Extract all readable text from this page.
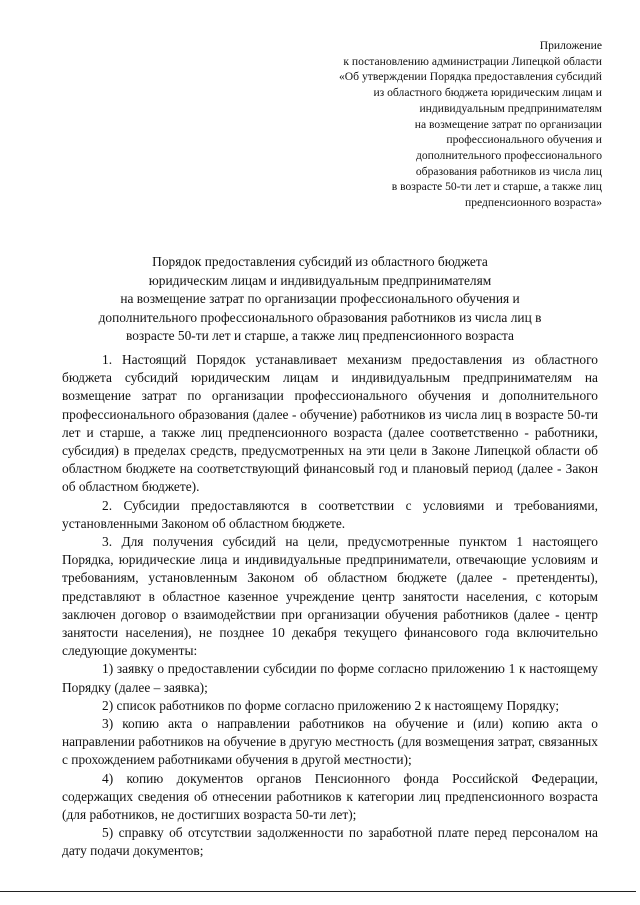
Приложение
к постановлению администрации Липецкой области
«Об утверждении Порядка предоставления субсидий
из областного бюджета юридическим лицам и
индивидуальным предпринимателям
на возмещение затрат по организации
профессионального обучения и
дополнительного профессионального
образования работников из числа лиц
в возрасте 50-ти лет и старше, а также лиц
предпенсионного возраста»
Порядок предоставления субсидий из областного бюджета
юридическим лицам и индивидуальным предпринимателям
на возмещение затрат по организации профессионального обучения и
дополнительного профессионального образования работников из числа лиц в
возрасте 50-ти лет и старше, а также лиц предпенсионного возраста

1. Настоящий Порядок устанавливает механизм предоставления из областного бюджета субсидий юридическим лицам и индивидуальным предпринимателям на возмещение затрат по организации профессионального обучения и дополнительного профессионального образования (далее - обучение) работников из числа лиц в возрасте 50-ти лет и старше, а также лиц предпенсионного возраста (далее соответственно - работники, субсидия) в пределах средств, предусмотренных на эти цели в Законе Липецкой области об областном бюджете на соответствующий финансовый год и плановый период (далее - Закон об областном бюджете).

2. Субсидии предоставляются в соответствии с условиями и требованиями, установленными Законом об областном бюджете.

3. Для получения субсидий на цели, предусмотренные пунктом 1 настоящего Порядка, юридические лица и индивидуальные предприниматели, отвечающие условиям и требованиям, установленным Законом об областном бюджете (далее - претенденты), представляют в областное казенное учреждение центр занятости населения, с которым заключен договор о взаимодействии при организации обучения работников (далее - центр занятости населения), не позднее 10 декабря текущего финансового года включительно следующие документы:

1) заявку о предоставлении субсидии по форме согласно приложению 1 к настоящему Порядку (далее – заявка);

2) список работников по форме согласно приложению 2 к настоящему Порядку;

3) копию акта о направлении работников на обучение и (или) копию акта о направлении работников на обучение в другую местность (для возмещения затрат, связанных с прохождением работниками обучения в другой местности);

4) копию документов органов Пенсионного фонда Российской Федерации, содержащих сведения об отнесении работников к категории лиц предпенсионного возраста (для работников, не достигших возраста 50-ти лет);

5) справку об отсутствии задолженности по заработной плате перед персоналом на дату подачи документов;
